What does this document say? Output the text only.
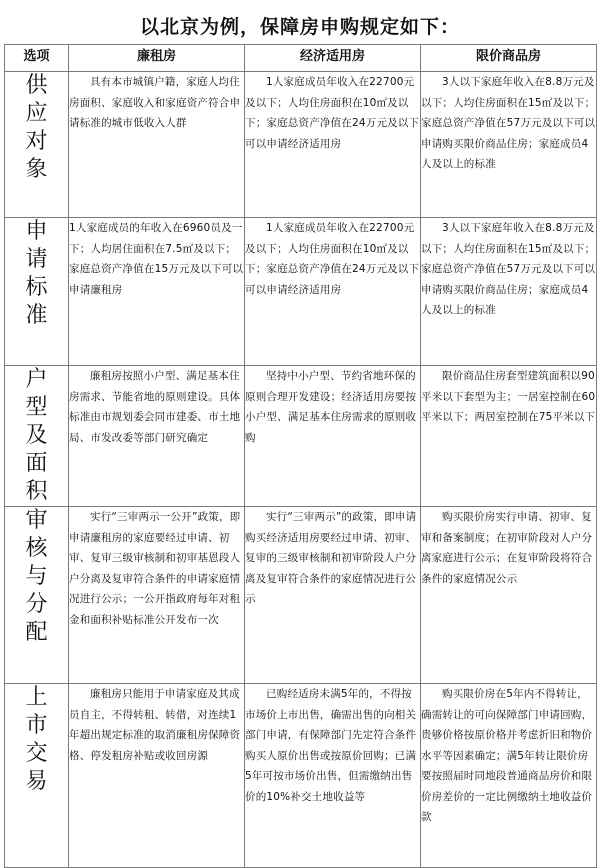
以北京为例，保障房申购规定如下：
选项	廉租房	经济适用房	限价商品房
供应对象	具有本市城镇户籍，家庭人均住房面积、家庭收入和家庭资产符合申请标准的城市低收入人群	1人家庭成员年收入在22700元及以下；人均住房面积在10㎡及以下；家庭总资产净值在24万元及以下可以申请经济适用房	3人以下家庭年收入在8.8万元及以下；人均住房面积在15㎡及以下；家庭总资产净值在57万元及以下可以申请购买限价商品住房；家庭成员4人及以上的标准
申请标准	1人家庭成员的年收入在6960员及一下；人均居住面积在7.5㎡及以下；家庭总资产净值在15万元及以下可以申请廉租房	1人家庭成员年收入在22700元及以下；人均住房面积在10㎡及以下；家庭总资产净值在24万元及以下可以申请经济适用房	3人以下家庭年收入在8.8万元及以下；人均住房面积在15㎡及以下；家庭总资产净值在57万元及以下可以申请购买限价商品住房；家庭成员4人及以上的标准
户型及面积	廉租房按照小户型、满足基本住房需求、节能省地的原则建设。具体标准由市规划委会同市建委、市土地局、市发改委等部门研究确定	坚持中小户型、节约省地环保的原则合理开发建设；经济适用房要按小户型、满足基本住房需求的原则收购	限价商品住房套型建筑面积以90平米以下套型为主；一居室控制在60平米以下；两居室控制在75平米以下
审核与分配	实行“三审两示一公开”政策，即申请廉租房的家庭要经过申请、初审、复审三级审核制和初审基恩段人户分离及复审符合条件的申请家庭情况进行公示；一公开指政府每年对租金和面积补贴标准公开发布一次	实行“三审两示”的政策，即申请购买经济适用房要经过申请、初审、复审的三级审核制和初审阶段人户分离及复审符合条件的家庭情况进行公示	购买限价房实行申请、初审、复审和备案制度；在初审阶段对人户分离家庭进行公示；在复审阶段将符合条件的家庭情况公示
上市交易	廉租房只能用于申请家庭及其成员自主，不得转租、转借，对连续1年超出规定标准的取消廉租房保障资格、停发租房补贴或收回房源	已购经适房未满5年的，不得按市场价上市出售，确需出售的向相关部门申请，有保障部门先定符合条件购买人原价出售或按原价回购；已满5年可按市场价出售，但需缴纳出售价的10%补交土地收益等	购买限价房在5年内不得转让，确需转让的可向保障部门申请回购，贵够价格按原价格并考虑折旧和物价水平等因素确定；满5年转让限价房要按照届时同地段普通商品房价和限价房差价的一定比例缴纳土地收益价款
